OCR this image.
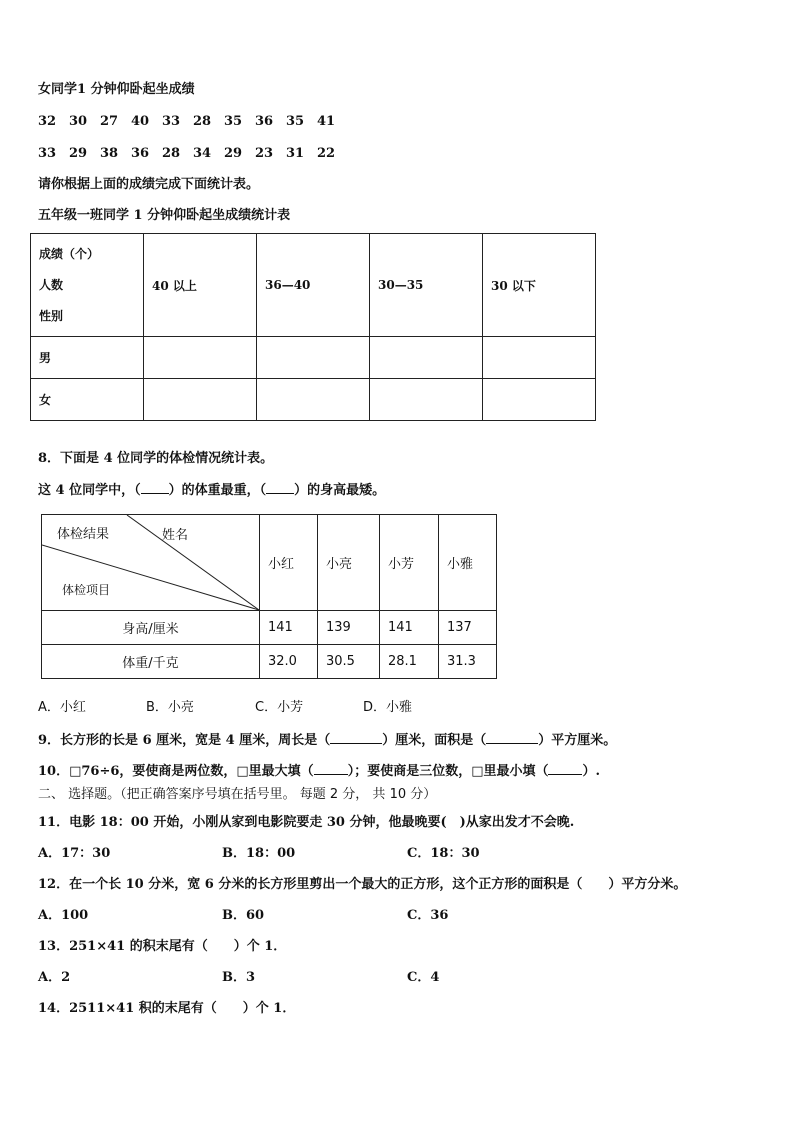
女同学1 分钟仰卧起坐成绩
32 30 27 40 33 28 35 36 35 41
33 29 38 36 28 34 29 23 31 22
请你根据上面的成绩完成下面统计表。
五年级一班同学 1 分钟仰卧起坐成绩统计表
成绩（个）
人数
性别	40 以上	36—40	30—35	30 以下
男				
女				
8．下面是 4 位同学的体检情况统计表。
这 4 位同学中，（ ）的体重最重，（ ）的身高最矮。
体检结果 姓名
体检项目	小红	小亮	小芳	小雅
身高/厘米	141	139	141	137
体重/千克	32.0	30.5	28.1	31.3
A．小红	B．小亮	C．小芳	D．小雅
9．长方形的长是 6 厘米，宽是 4 厘米，周长是（	）厘米，面积是（	）平方厘米。
10．□76÷6，要使商是两位数，□里最大填（	）；要使商是三位数，□里最小填（	）.
二、 选择题。（把正确答案序号填在括号里。 每题 2 分， 共 10 分）
11．电影 18：00 开始，小刚从家到电影院要走 30 分钟，他最晚要(　)从家出发才不会晚.
A．17：30	B．18：00	C．18：30
12．在一个长 10 分米，宽 6 分米的长方形里剪出一个最大的正方形，这个正方形的面积是（　　）平方分米。
A．100	B．60	C．36
13．251×41 的积末尾有（　　）个 1．
A．2	B．3	C．4
14．2511×41 积的末尾有（　　）个 1．
